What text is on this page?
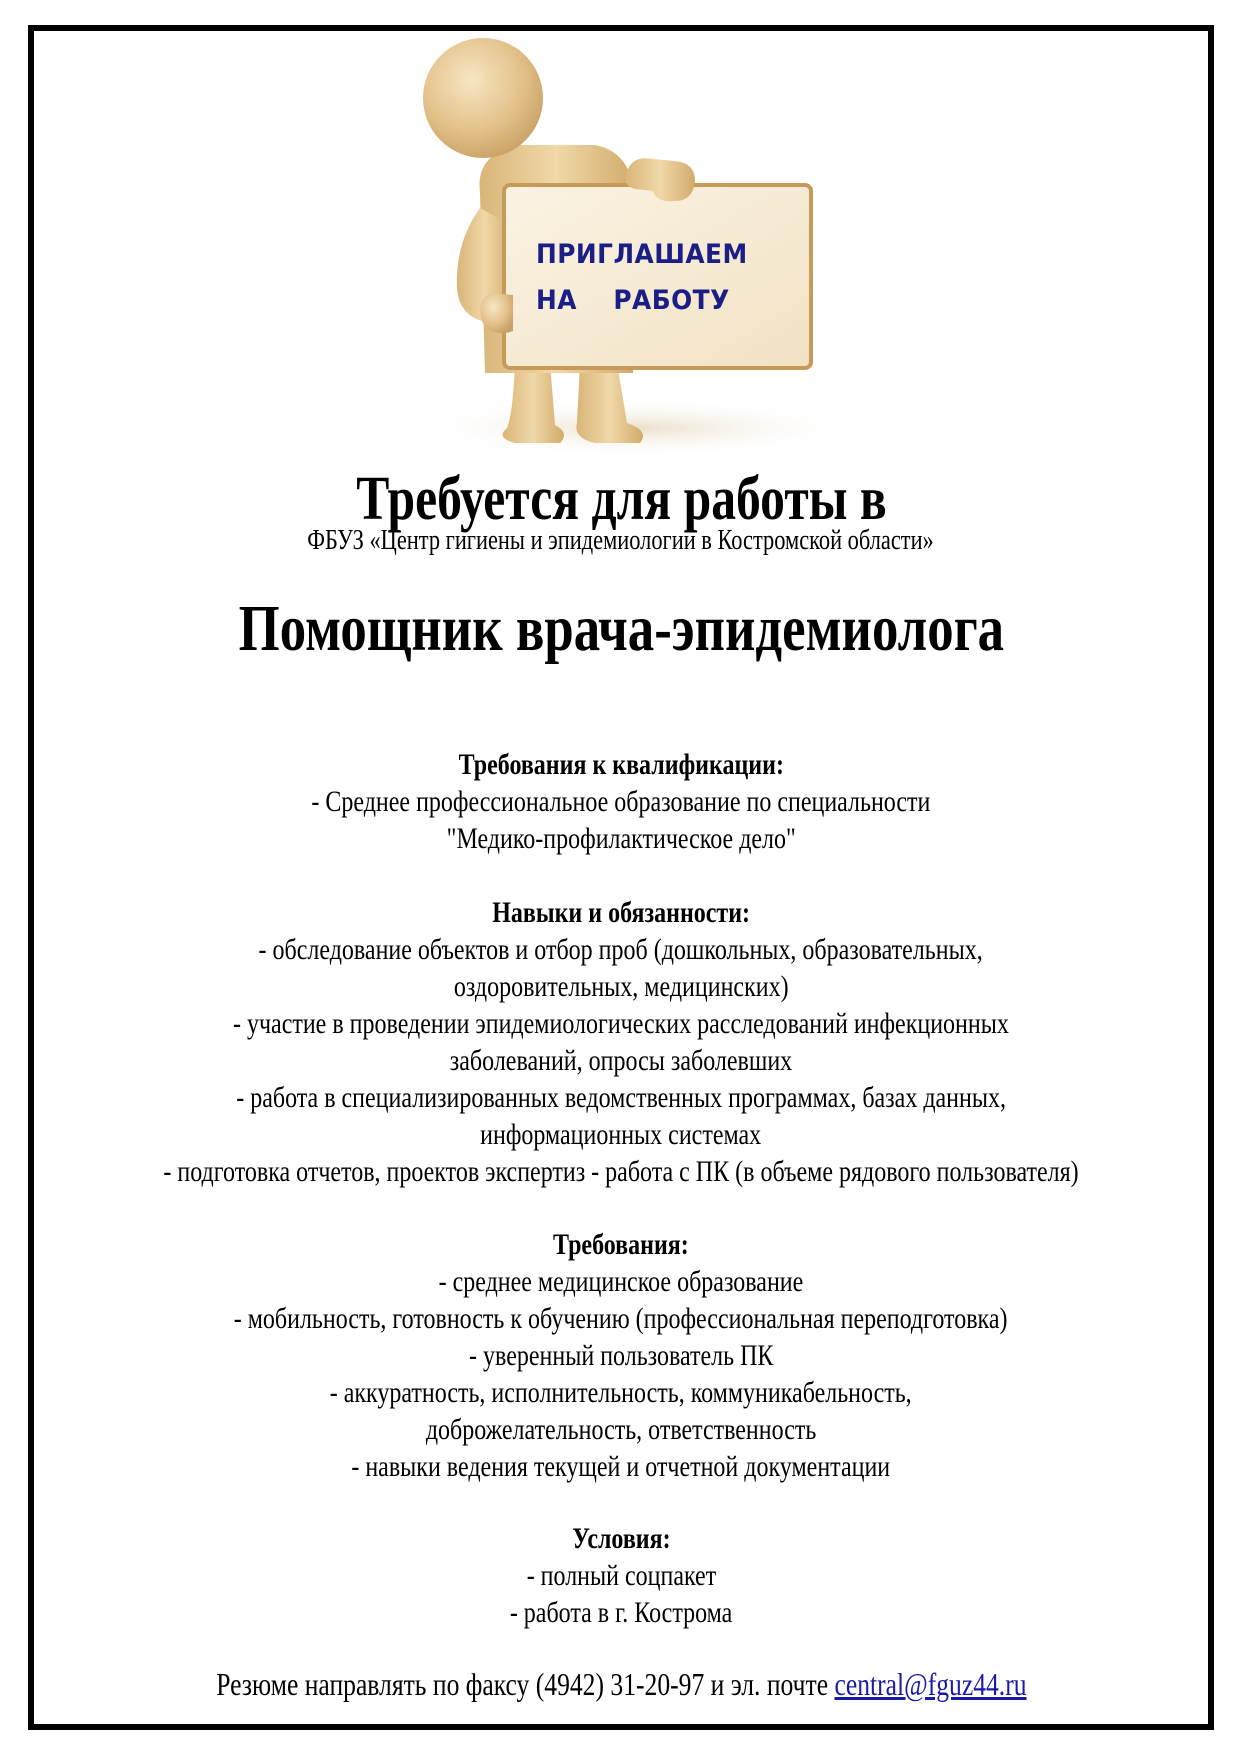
ПРИГЛАШАЕМ
НА    РАБОТУ
Требуется для работы в
ФБУЗ «Центр гигиены и эпидемиологии в Костромской области»
Помощник врача-эпидемиолога
Требования к квалификации:
- Среднее профессиональное образование по специальности
"Медико-профилактическое дело"
Навыки и обязанности:
- обследование объектов и отбор проб (дошкольных, образовательных,
оздоровительных, медицинских)
- участие в проведении эпидемиологических расследований инфекционных
заболеваний, опросы заболевших
- работа в специализированных ведомственных программах, базах данных,
информационных системах
- подготовка отчетов, проектов экспертиз - работа с ПК (в объеме рядового пользователя)
Требования:
- среднее медицинское образование
- мобильность, готовность к обучению (профессиональная переподготовка)
- уверенный пользователь ПК
- аккуратность, исполнительность, коммуникабельность,
доброжелательность, ответственность
- навыки ведения текущей и отчетной документации
Условия:
- полный соцпакет
- работа в г. Кострома
Резюме направлять по факсу (4942) 31-20-97 и эл. почте central@fguz44.ru
